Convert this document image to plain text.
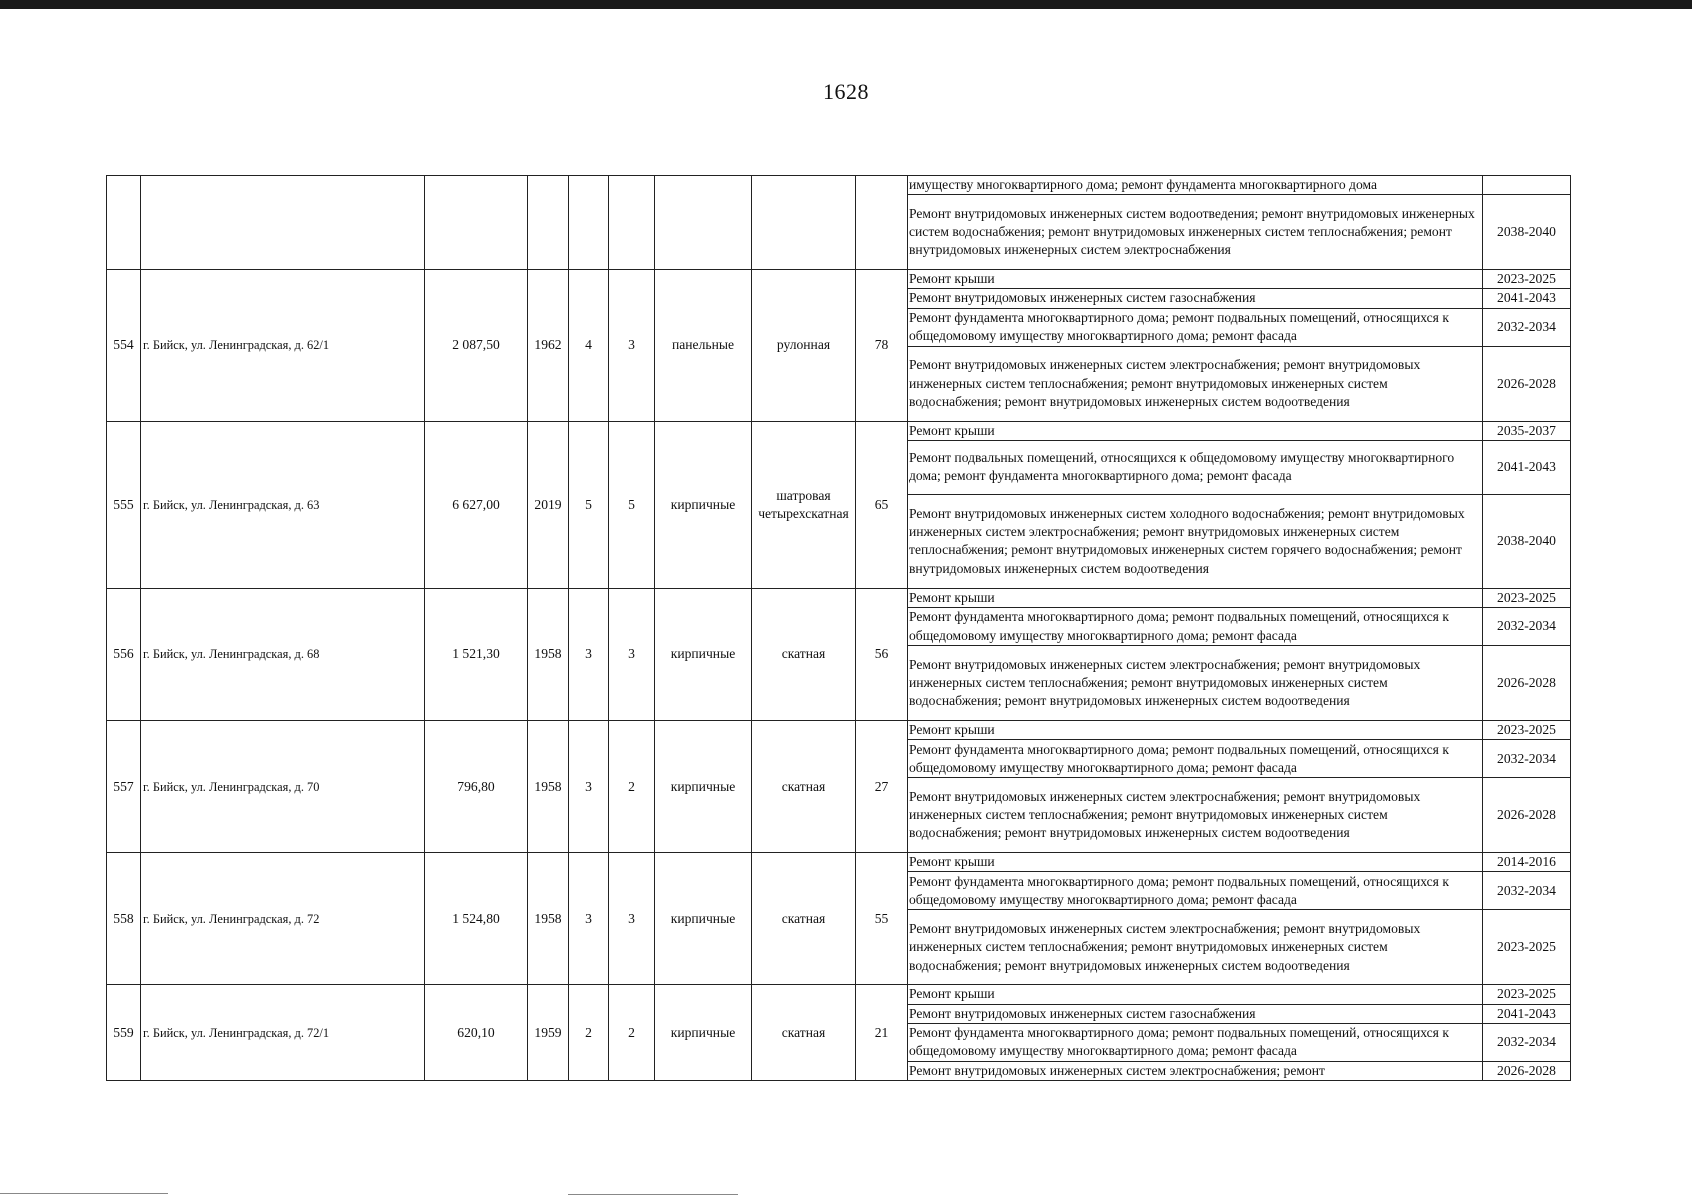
1628
									имуществу многоквартирного дома; ремонт фундамента многоквартирного дома	
									Ремонт внутридомовых инженерных систем водоотведения; ремонт внутридомовых инженерных систем водоснабжения; ремонт внутридомовых инженерных систем теплоснабжения; ремонт внутридомовых инженерных систем электроснабжения	2038-2040
554	г. Бийск, ул. Ленинградская, д. 62/1	2 087,50	1962	4	3	панельные	рулонная	78	Ремонт крыши	2023-2025
									Ремонт внутридомовых инженерных систем газоснабжения	2041-2043
									Ремонт фундамента многоквартирного дома; ремонт подвальных помещений, относящихся к общедомовому имуществу многоквартирного дома; ремонт фасада	2032-2034
									Ремонт внутридомовых инженерных систем электроснабжения; ремонт внутридомовых инженерных систем теплоснабжения; ремонт внутридомовых инженерных систем водоснабжения; ремонт внутридомовых инженерных систем водоотведения	2026-2028
555	г. Бийск, ул. Ленинградская, д. 63	6 627,00	2019	5	5	кирпичные	шатровая четырехскатная	65	Ремонт крыши	2035-2037
									Ремонт подвальных помещений, относящихся к общедомовому имуществу многоквартирного дома; ремонт фундамента многоквартирного дома; ремонт фасада	2041-2043
									Ремонт внутридомовых инженерных систем холодного водоснабжения; ремонт внутридомовых инженерных систем электроснабжения; ремонт внутридомовых инженерных систем теплоснабжения; ремонт внутридомовых инженерных систем горячего водоснабжения; ремонт внутридомовых инженерных систем водоотведения	2038-2040
556	г. Бийск, ул. Ленинградская, д. 68	1 521,30	1958	3	3	кирпичные	скатная	56	Ремонт крыши	2023-2025
									Ремонт фундамента многоквартирного дома; ремонт подвальных помещений, относящихся к общедомовому имуществу многоквартирного дома; ремонт фасада	2032-2034
									Ремонт внутридомовых инженерных систем электроснабжения; ремонт внутридомовых инженерных систем теплоснабжения; ремонт внутридомовых инженерных систем водоснабжения; ремонт внутридомовых инженерных систем водоотведения	2026-2028
557	г. Бийск, ул. Ленинградская, д. 70	796,80	1958	3	2	кирпичные	скатная	27	Ремонт крыши	2023-2025
									Ремонт фундамента многоквартирного дома; ремонт подвальных помещений, относящихся к общедомовому имуществу многоквартирного дома; ремонт фасада	2032-2034
									Ремонт внутридомовых инженерных систем электроснабжения; ремонт внутридомовых инженерных систем теплоснабжения; ремонт внутридомовых инженерных систем водоснабжения; ремонт внутридомовых инженерных систем водоотведения	2026-2028
558	г. Бийск, ул. Ленинградская, д. 72	1 524,80	1958	3	3	кирпичные	скатная	55	Ремонт крыши	2014-2016
									Ремонт фундамента многоквартирного дома; ремонт подвальных помещений, относящихся к общедомовому имуществу многоквартирного дома; ремонт фасада	2032-2034
									Ремонт внутридомовых инженерных систем электроснабжения; ремонт внутридомовых инженерных систем теплоснабжения; ремонт внутридомовых инженерных систем водоснабжения; ремонт внутридомовых инженерных систем водоотведения	2023-2025
559	г. Бийск, ул. Ленинградская, д. 72/1	620,10	1959	2	2	кирпичные	скатная	21	Ремонт крыши	2023-2025
									Ремонт внутридомовых инженерных систем газоснабжения	2041-2043
									Ремонт фундамента многоквартирного дома; ремонт подвальных помещений, относящихся к общедомовому имуществу многоквартирного дома; ремонт фасада	2032-2034
									Ремонт внутридомовых инженерных систем электроснабжения; ремонт	2026-2028
